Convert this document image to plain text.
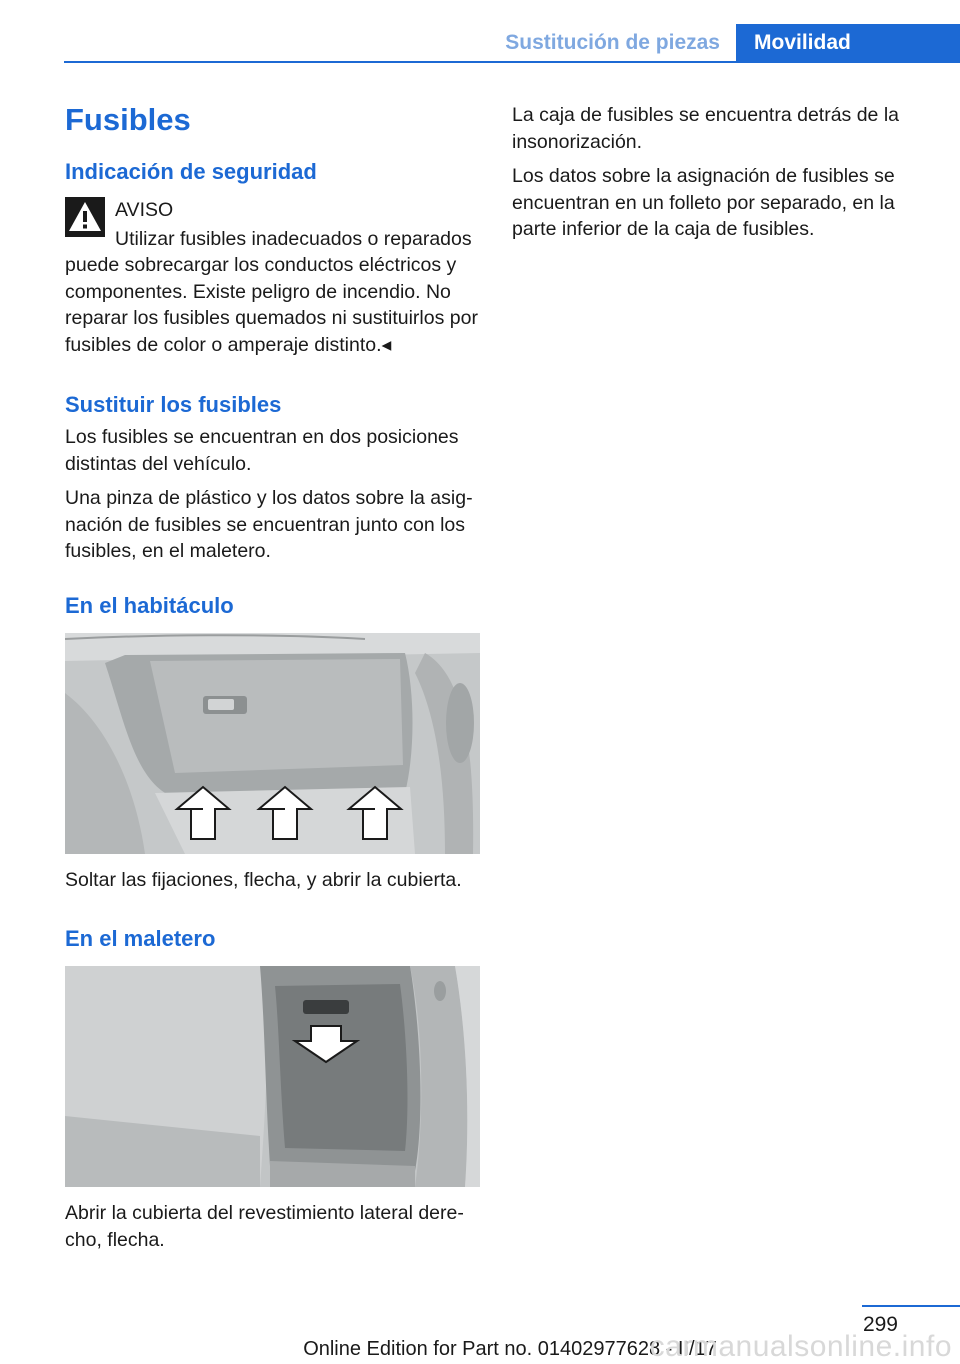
Sustitución de piezas	Movilidad
Fusibles
Indicación de seguridad

AVISO

Utilizar fusibles inadecuados o reparados

puede sobrecargar los conductos eléctricos y componentes. Existe peligro de incendio. No reparar los fusibles quemados ni sustituirlos por fusibles de color o amperaje distinto.◂

Sustituir los fusibles

Los fusibles se encuentran en dos posiciones distintas del vehículo.

Una pinza de plástico y los datos sobre la asig-nación de fusibles se encuentran junto con los fusibles, en el maletero.

En el habitáculo

Soltar las fijaciones, flecha, y abrir la cubierta.

En el maletero

Abrir la cubierta del revestimiento lateral dere-cho, flecha.

La caja de fusibles se encuentra detrás de la insonorización.

Los datos sobre la asignación de fusibles se encuentran en un folleto por separado, en la parte inferior de la caja de fusibles.

299
Online Edition for Part no. 01402977628 - II/17
carmanualsonline.info
